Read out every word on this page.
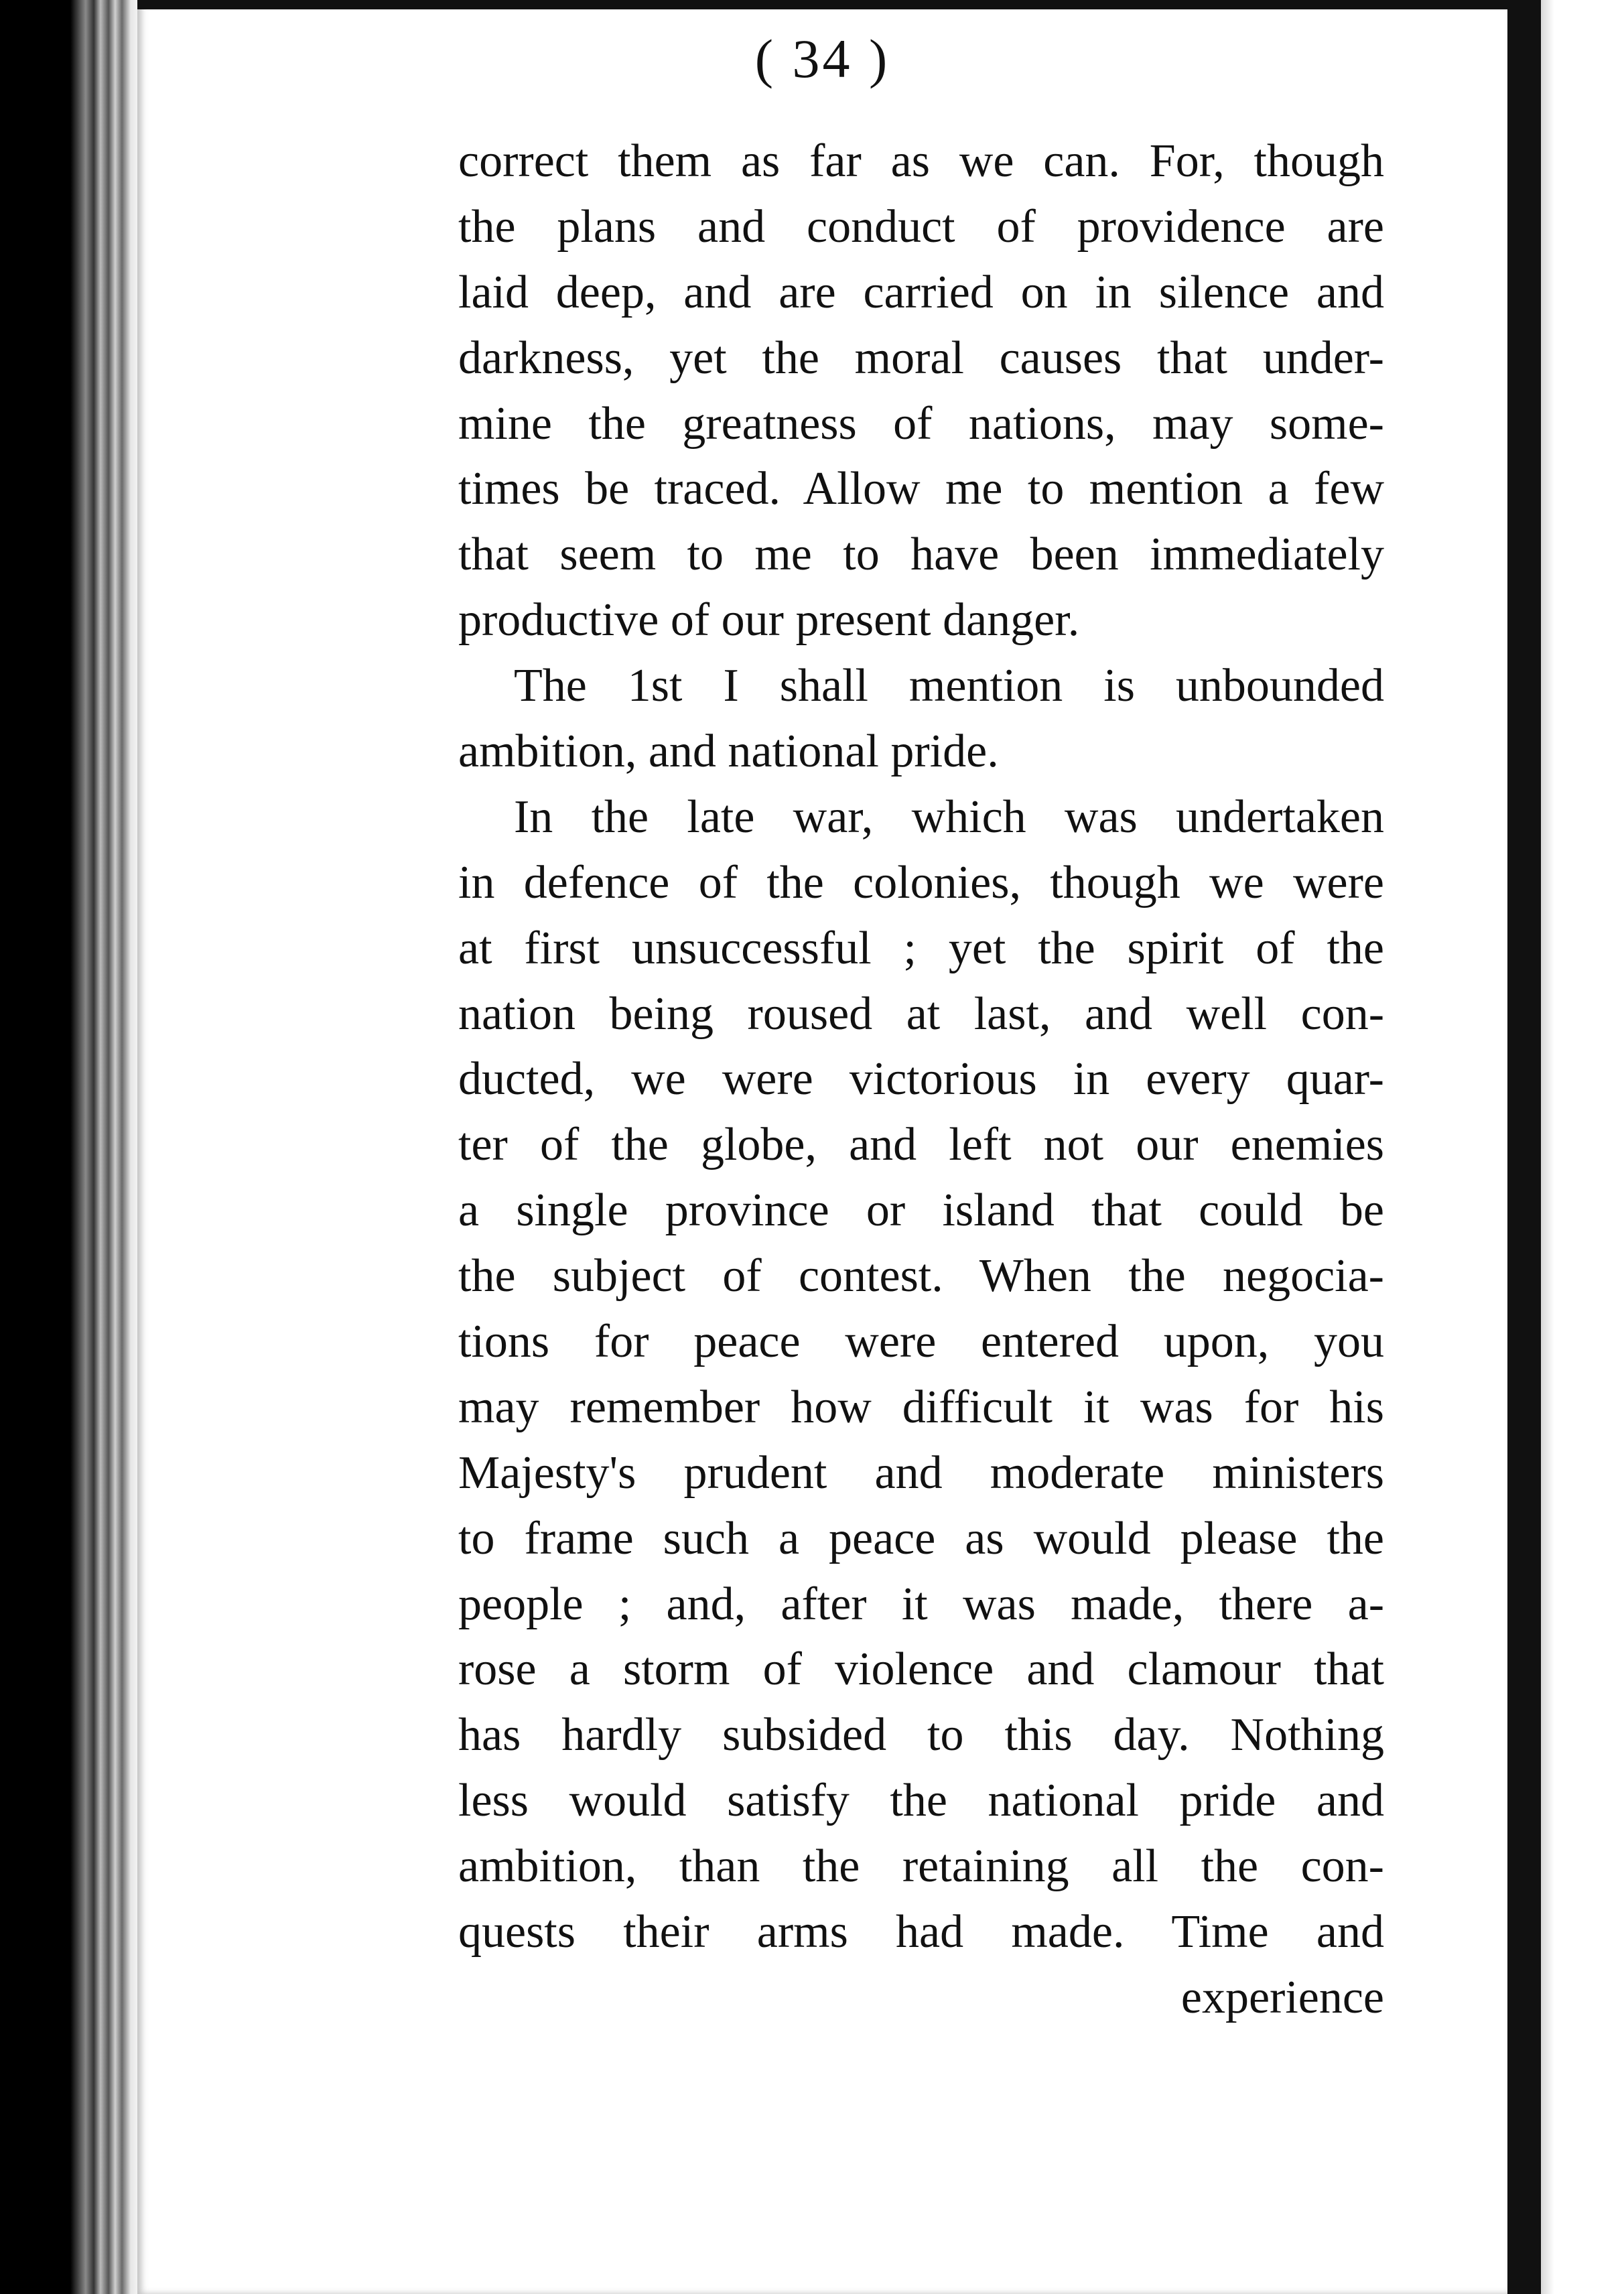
( 34 )
correct them as far as we can. For, though
the plans and conduct of providence are
laid deep, and are carried on in silence and
darkness, yet the moral causes that under-
mine the greatness of nations, may some-
times be traced. Allow me to mention a few
that seem to me to have been immediately
productive of our present danger.
The 1st I shall mention is unbounded
ambition, and national pride.
In the late war, which was undertaken
in defence of the colonies, though we were
at first unsuccessful ; yet the spirit of the
nation being roused at last, and well con-
ducted, we were victorious in every quar-
ter of the globe, and left not our enemies
a single province or island that could be
the subject of contest. When the negocia-
tions for peace were entered upon, you
may remember how difficult it was for his
Majesty's prudent and moderate ministers
to frame such a peace as would please the
people ; and, after it was made, there a-
rose a storm of violence and clamour that
has hardly subsided to this day. Nothing
less would satisfy the national pride and
ambition, than the retaining all the con-
quests their arms had made. Time and
experience
